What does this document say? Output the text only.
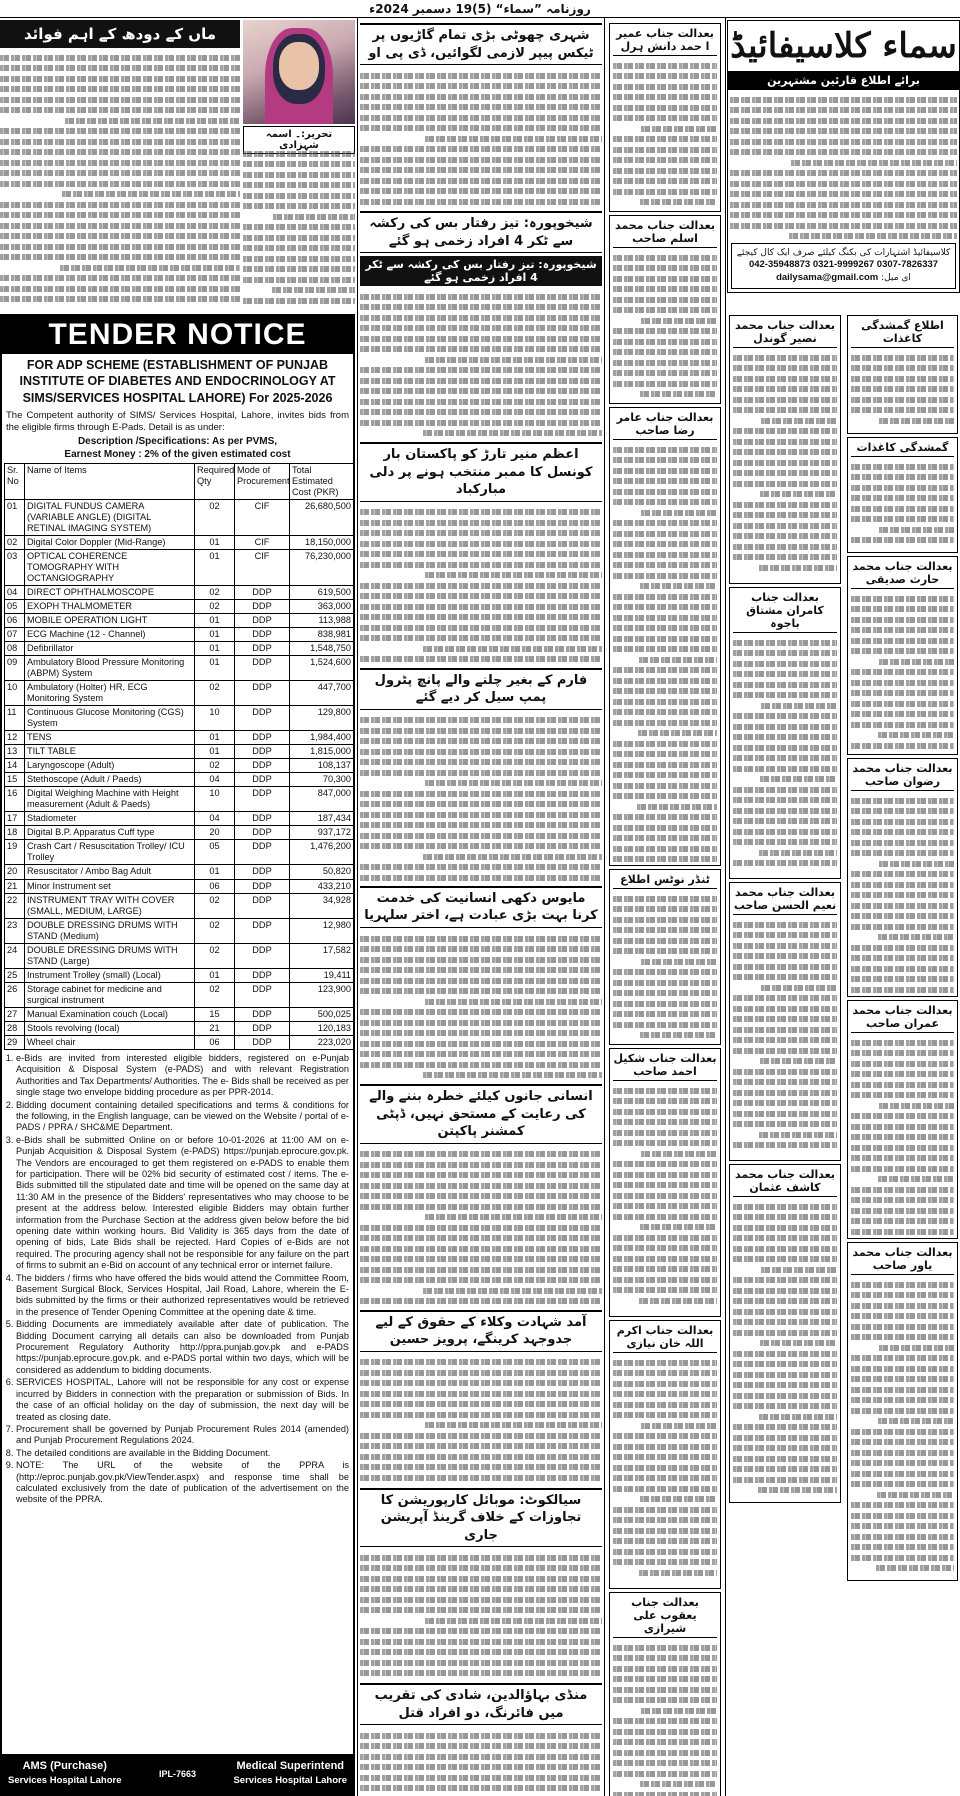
روزنامہ ”سماء“ (5)19 دسمبر 2024ء
ماں کے دودھ کے اہم فوائد
تحریر:۔ اسمہ شہزادی
TENDER NOTICE
FOR ADP SCHEME (ESTABLISHMENT OF PUNJAB INSTITUTE OF DIABETES AND ENDOCRINOLOGY AT SIMS/SERVICES HOSPITAL LAHORE) For 2025-2026
The Competent authority of SIMS/ Services Hospital, Lahore, invites bids from the eligible firms through E-Pads. Detail is as under:
Description /Specifications: As per PVMS,
Earnest Money : 2% of the given estimated cost
Sr. No	Name of Items	Required Qty	Mode of Procurement	Total Estimated Cost (PKR)
01	DIGITAL FUNDUS CAMERA (VARIABLE ANGLE) (DIGITAL RETINAL IMAGING SYSTEM)	02	CIF	26,680,500
02	Digital Color Doppler (Mid-Range)	01	CIF	18,150,000
03	OPTICAL COHERENCE TOMOGRAPHY WITH OCTANGIOGRAPHY	01	CIF	76,230,000
04	DIRECT OPHTHALMOSCOPE	02	DDP	619,500
05	EXOPH THALMOMETER	02	DDP	363,000
06	MOBILE OPERATION LIGHT	01	DDP	113,988
07	ECG Machine (12 - Channel)	01	DDP	838,981
08	Defibrillator	01	DDP	1,548,750
09	Ambulatory Blood Pressure Monitoring (ABPM) System	01	DDP	1,524,600
10	Ambulatory (Holter) HR, ECG Monitoring System	02	DDP	447,700
11	Continuous Glucose Monitoring (CGS) System	10	DDP	129,800
12	TENS	01	DDP	1,984,400
13	TILT TABLE	01	DDP	1,815,000
14	Laryngoscope (Adult)	02	DDP	108,137
15	Stethoscope (Adult / Paeds)	04	DDP	70,300
16	Digital Weighing Machine with Height measurement (Adult & Paeds)	10	DDP	847,000
17	Stadiometer	04	DDP	187,434
18	Digital B.P. Apparatus Cuff type	20	DDP	937,172
19	Crash Cart / Resuscitation Trolley/ ICU Trolley	05	DDP	1,476,200
20	Resuscitator / Ambo Bag Adult	01	DDP	50,820
21	Minor Instrument set	06	DDP	433,210
22	INSTRUMENT TRAY WITH COVER (SMALL, MEDIUM, LARGE)	02	DDP	34,928
23	DOUBLE DRESSING DRUMS WITH STAND (Medium)	02	DDP	12,980
24	DOUBLE DRESSING DRUMS WITH STAND (Large)	02	DDP	17,582
25	Instrument Trolley (small) (Local)	01	DDP	19,411
26	Storage cabinet for medicine and surgical instrument	02	DDP	123,900
27	Manual Examination couch (Local)	15	DDP	500,025
28	Stools revolving (local)	21	DDP	120,183
29	Wheel chair	06	DDP	223,020
1. e-Bids are invited from interested eligible bidders, registered on e-Punjab Acquisition & Disposal System (e-PADS) and with relevant Registration Authorities and Tax Departments/ Authorities. The e- Bids shall be received as per single stage two envelope bidding procedure as per PPR-2014.
2. Bidding document containing detailed specifications and terms & conditions for the following, in the English language, can be viewed on the Website / portal of e-PADS / PPRA / SHC&ME Department.
3. e-Bids shall be submitted Online on or before 10-01-2026 at 11:00 AM on e-Punjab Acquisition & Disposal System (e-PADS) https://punjab.eprocure.gov.pk. The Vendors are encouraged to get them registered on e-PADS to enable them for participation. There will be 02% bid security of estimated cost / items. The e-Bids submitted till the stipulated date and time will be opened on the same day at 11:30 AM in the presence of the Bidders' representatives who may choose to be present at the address below. Interested eligible Bidders may obtain further information from the Purchase Section at the address given below before the bid opening date within working hours. Bid Validity is 365 days from the date of opening of bids, Late Bids shall be rejected. Hard Copies of e-Bids are not required. The procuring agency shall not be responsible for any failure on the part of firms to submit an e-Bid on account of any technical error or internet failure.
4. The bidders / firms who have offered the bids would attend the Committee Room, Basement Surgical Block, Services Hospital, Jail Road, Lahore, wherein the E-bids submitted by the firms or their authorized representatives would be retrieved in the presence of Tender Opening Committee at the opening date & time.
5. Bidding Documents are immediately available after date of publication. The Bidding Document carrying all details can also be downloaded from Punjab Procurement Regulatory Authority http://ppra.punjab.gov.pk and e-PADS https://punjab.eprocure.gov.pk. and e-PADS portal within two days, which will be considered as addendum to bidding documents.
6. SERVICES HOSPITAL, Lahore will not be responsible for any cost or expense incurred by Bidders in connection with the preparation or submission of Bids. In the case of an official holiday on the day of submission, the next day will be treated as closing date.
7. Procurement shall be governed by Punjab Procurement Rules 2014 (amended) and Punjab Procurement Regulations 2024.
8. The detailed conditions are available in the Bidding Document.
9. NOTE: The URL of the website of the PPRA is (http://eproc.punjab.gov.pk/ViewTender.aspx) and response time shall be calculated exclusively from the date of publication of the advertisement on the website of the PPRA.
AMS (Purchase)
Services Hospital Lahore
IPL-7663
Medical Superintend
Services Hospital Lahore
شہری چھوٹی بڑی تمام گاڑیوں پر ٹیکس پیپر لازمی لگوائیں، ڈی پی او
شیخوپورہ: تیز رفتار بس کی رکشہ سے ٹکر 4 افراد زخمی ہو گئے
شیخوپورہ: تیز رفتار بس کی رکشہ سے ٹکر 4 افراد زخمی ہو گئے
اعظم منیر تارڑ کو پاکستان بار کونسل کا ممبر منتخب ہونے پر دلی مبارکباد
فارم کے بغیر چلنے والے پانچ پٹرول پمپ سیل کر دیے گئے
مایوس دکھی انسانیت کی خدمت کرنا بہت بڑی عبادت ہے، اختر سلہریا
انسانی جانوں کیلئے خطرہ بننے والے کی رعایت کے مستحق نہیں، ڈپٹی کمشنر پاکپتن
آمد شہادت وکلاء کے حقوق کے لیے جدوجہد کرینگے، پرویز حسین
سیالکوٹ: موبائل کارپوریشن کا تجاوزات کے خلاف گرینڈ آپریشن جاری
منڈی بہاؤالدین، شادی کی تقریب میں فائرنگ، دو افراد قتل
بعدالت جناب عمیر ا حمد دانش ہرل
بعدالت جناب محمد اسلم صاحب
بعدالت جناب عامر رضا صاحب
ٹنڈر نوٹس اطلاع
بعدالت جناب شکیل احمد صاحب
بعدالت جناب اکرم اللہ خان نیازی
بعدالت جناب یعقوب علی شیرازی
سماء کلاسیفائیڈ
برائے اطلاع قارئین مشتہرین
کلاسیفائیڈ اشتہارات کی بکنگ کیلئے صرف ایک کال کیجئے
042-35948873 0321-9999267 0307-7826337
ای میل: dailysama@gmail.com
بعدالت جناب محمد نصیر گوندل
بعدالت جناب کامران مشتاق باجوہ
بعدالت جناب محمد نعیم الحسن صاحب
بعدالت جناب محمد کاشف عثمان
اطلاع گمشدگی کاغذات
گمشدگی کاغذات
بعدالت جناب محمد حارث صدیقی
بعدالت جناب محمد رضوان صاحب
بعدالت جناب محمد عمران صاحب
بعدالت جناب محمد یاور صاحب
